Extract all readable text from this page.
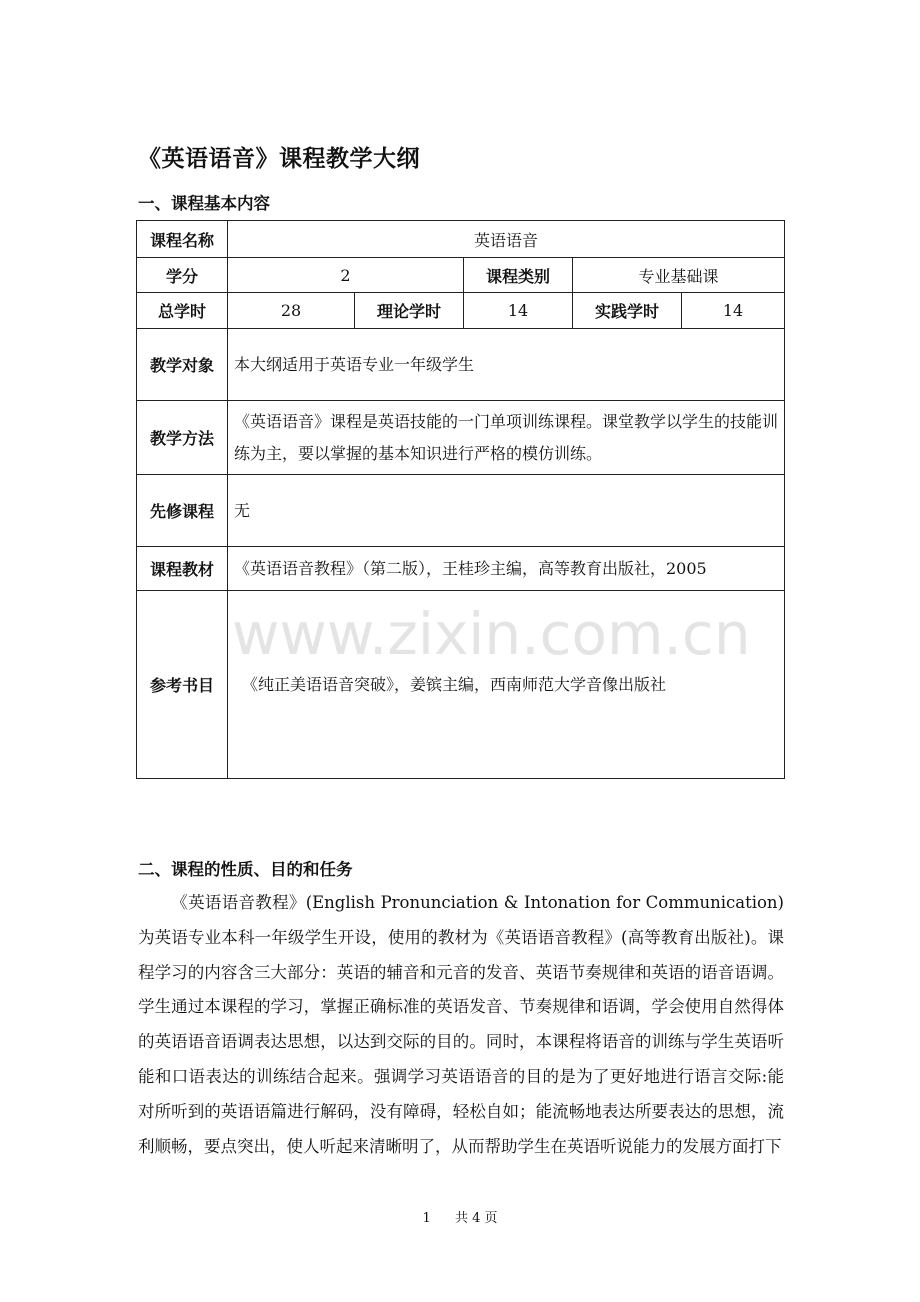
《英语语音》课程教学大纲
一、课程基本内容
课程名称	英语语音				
学分	2		课程类别	专业基础课	
总学时	28	理论学时	14	实践学时	14
教学对象	本大纲适用于英语专业一年级学生				
教学方法	《英语语音》课程是英语技能的一门单项训练课程。课堂教学以学生的技能训练为主，要以掌握的基本知识进行严格的模仿训练。				
先修课程	无				
课程教材	《英语语音教程》（第二版），王桂珍主编，高等教育出版社，2005				
参考书目	《纯正美语语音突破》，姜镔主编，西南师范大学音像出版社				
www.zixin.com.cn
二、课程的性质、目的和任务

《英语语音教程》(English Pronunciation & Intonation for Communication)为英语专业本科一年级学生开设，使用的教材为《英语语音教程》(高等教育出版社)。课程学习的内容含三大部分：英语的辅音和元音的发音、英语节奏规律和英语的语音语调。学生通过本课程的学习，掌握正确标准的英语发音、节奏规律和语调，学会使用自然得体的英语语音语调表达思想，以达到交际的目的。同时，本课程将语音的训练与学生英语听能和口语表达的训练结合起来。强调学习英语语音的目的是为了更好地进行语言交际:能对所听到的英语语篇进行解码，没有障碍，轻松自如；能流畅地表达所要表达的思想，流利顺畅，要点突出，使人听起来清晰明了，从而帮助学生在英语听说能力的发展方面打下

1 共 4 页
